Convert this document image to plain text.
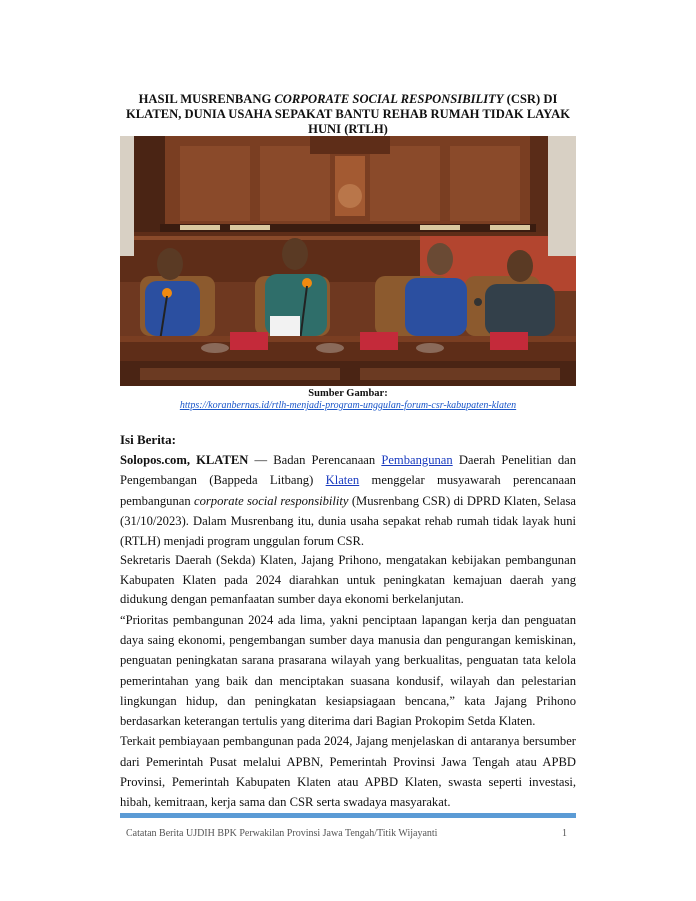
HASIL MUSRENBANG CORPORATE SOCIAL RESPONSIBILITY (CSR) DI KLATEN, DUNIA USAHA SEPAKAT BANTU REHAB RUMAH TIDAK LAYAK HUNI (RTLH)
Sumber Gambar:
https://koranbernas.id/rtlh-menjadi-program-unggulan-forum-csr-kabupaten-klaten
Isi Berita:

Solopos.com, KLATEN — Badan Perencanaan Pembangunan Daerah Penelitian dan Pengembangan (Bappeda Litbang) Klaten menggelar musyawarah perencanaan pembangunan corporate social responsibility (Musrenbang CSR) di DPRD Klaten, Selasa (31/10/2023). Dalam Musrenbang itu, dunia usaha sepakat rehab rumah tidak layak huni (RTLH) menjadi program unggulan forum CSR.

Sekretaris Daerah (Sekda) Klaten, Jajang Prihono, mengatakan kebijakan pembangunan Kabupaten Klaten pada 2024 diarahkan untuk peningkatan kemajuan daerah yang didukung dengan pemanfaatan sumber daya ekonomi berkelanjutan.

“Prioritas pembangunan 2024 ada lima, yakni penciptaan lapangan kerja dan penguatan daya saing ekonomi, pengembangan sumber daya manusia dan pengurangan kemiskinan, penguatan peningkatan sarana prasarana wilayah yang berkualitas, penguatan tata kelola pemerintahan yang baik dan menciptakan suasana kondusif, wilayah dan pelestarian lingkungan hidup, dan peningkatan kesiapsiagaan bencana,” kata Jajang Prihono berdasarkan keterangan tertulis yang diterima dari Bagian Prokopim Setda Klaten.

Terkait pembiayaan pembangunan pada 2024, Jajang menjelaskan di antaranya bersumber dari Pemerintah Pusat melalui APBN, Pemerintah Provinsi Jawa Tengah atau APBD Provinsi, Pemerintah Kabupaten Klaten atau APBD Klaten, swasta seperti investasi, hibah, kemitraan, kerja sama dan CSR serta swadaya masyarakat.

Catatan Berita UJDIH BPK Perwakilan Provinsi Jawa Tengah/Titik Wijayanti	1
